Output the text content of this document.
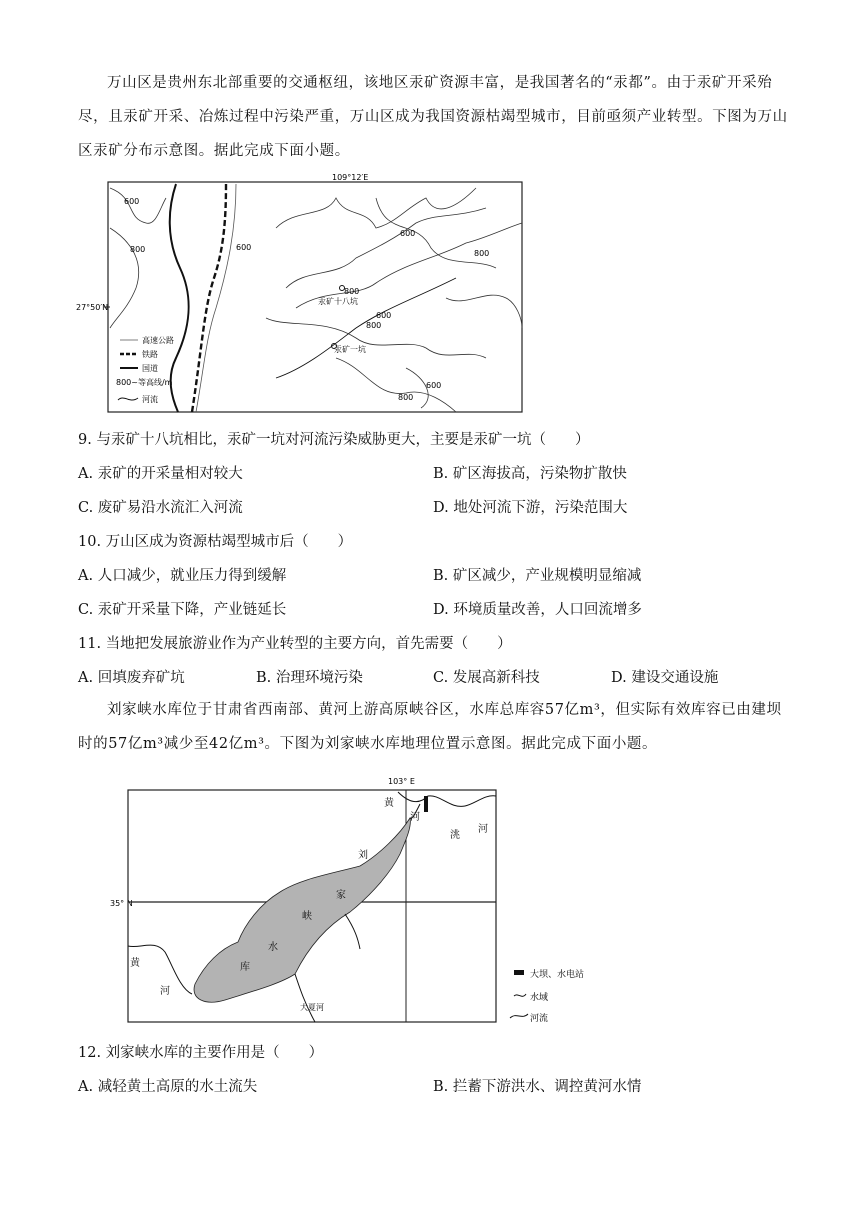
万山区是贵州东北部重要的交通枢纽，该地区汞矿资源丰富，是我国著名的“汞都”。由于汞矿开采殆尽，且汞矿开采、冶炼过程中污染严重，万山区成为我国资源枯竭型城市，目前亟须产业转型。下图为万山区汞矿分布示意图。据此完成下面小题。
109°12′E
27°50′N
600
800	600
600
800
600
800
800
600
800
汞矿十八坑
汞矿一坑
高速公路
铁路
国道
800~等高线/m
河流
9. 与汞矿十八坑相比，汞矿一坑对河流污染威胁更大，主要是汞矿一坑（　　）
A. 汞矿的开采量相对较大	B. 矿区海拔高，污染物扩散快
C. 废矿易沿水流汇入河流	D. 地处河流下游，污染范围大
10. 万山区成为资源枯竭型城市后（　　）
A. 人口减少，就业压力得到缓解	B. 矿区减少，产业规模明显缩减
C. 汞矿开采量下降，产业链延长	D. 环境质量改善，人口回流增多
11. 当地把发展旅游业作为产业转型的主要方向，首先需要（　　）
A. 回填废弃矿坑	B. 治理环境污染	C. 发展高新科技	D. 建设交通设施
刘家峡水库位于甘肃省西南部、黄河上游高原峡谷区，水库总库容57亿m³，但实际有效库容已由建坝时的57亿m³减少至42亿m³。下图为刘家峡水库地理位置示意图。据此完成下面小题。
103° E
35° N
黄
河
洮
河
刘
家
峡
水
库
黄
河
大夏河
大坝、水电站
水域
河流
12. 刘家峡水库的主要作用是（　　）
A. 减轻黄土高原的水土流失	B. 拦蓄下游洪水、调控黄河水情
